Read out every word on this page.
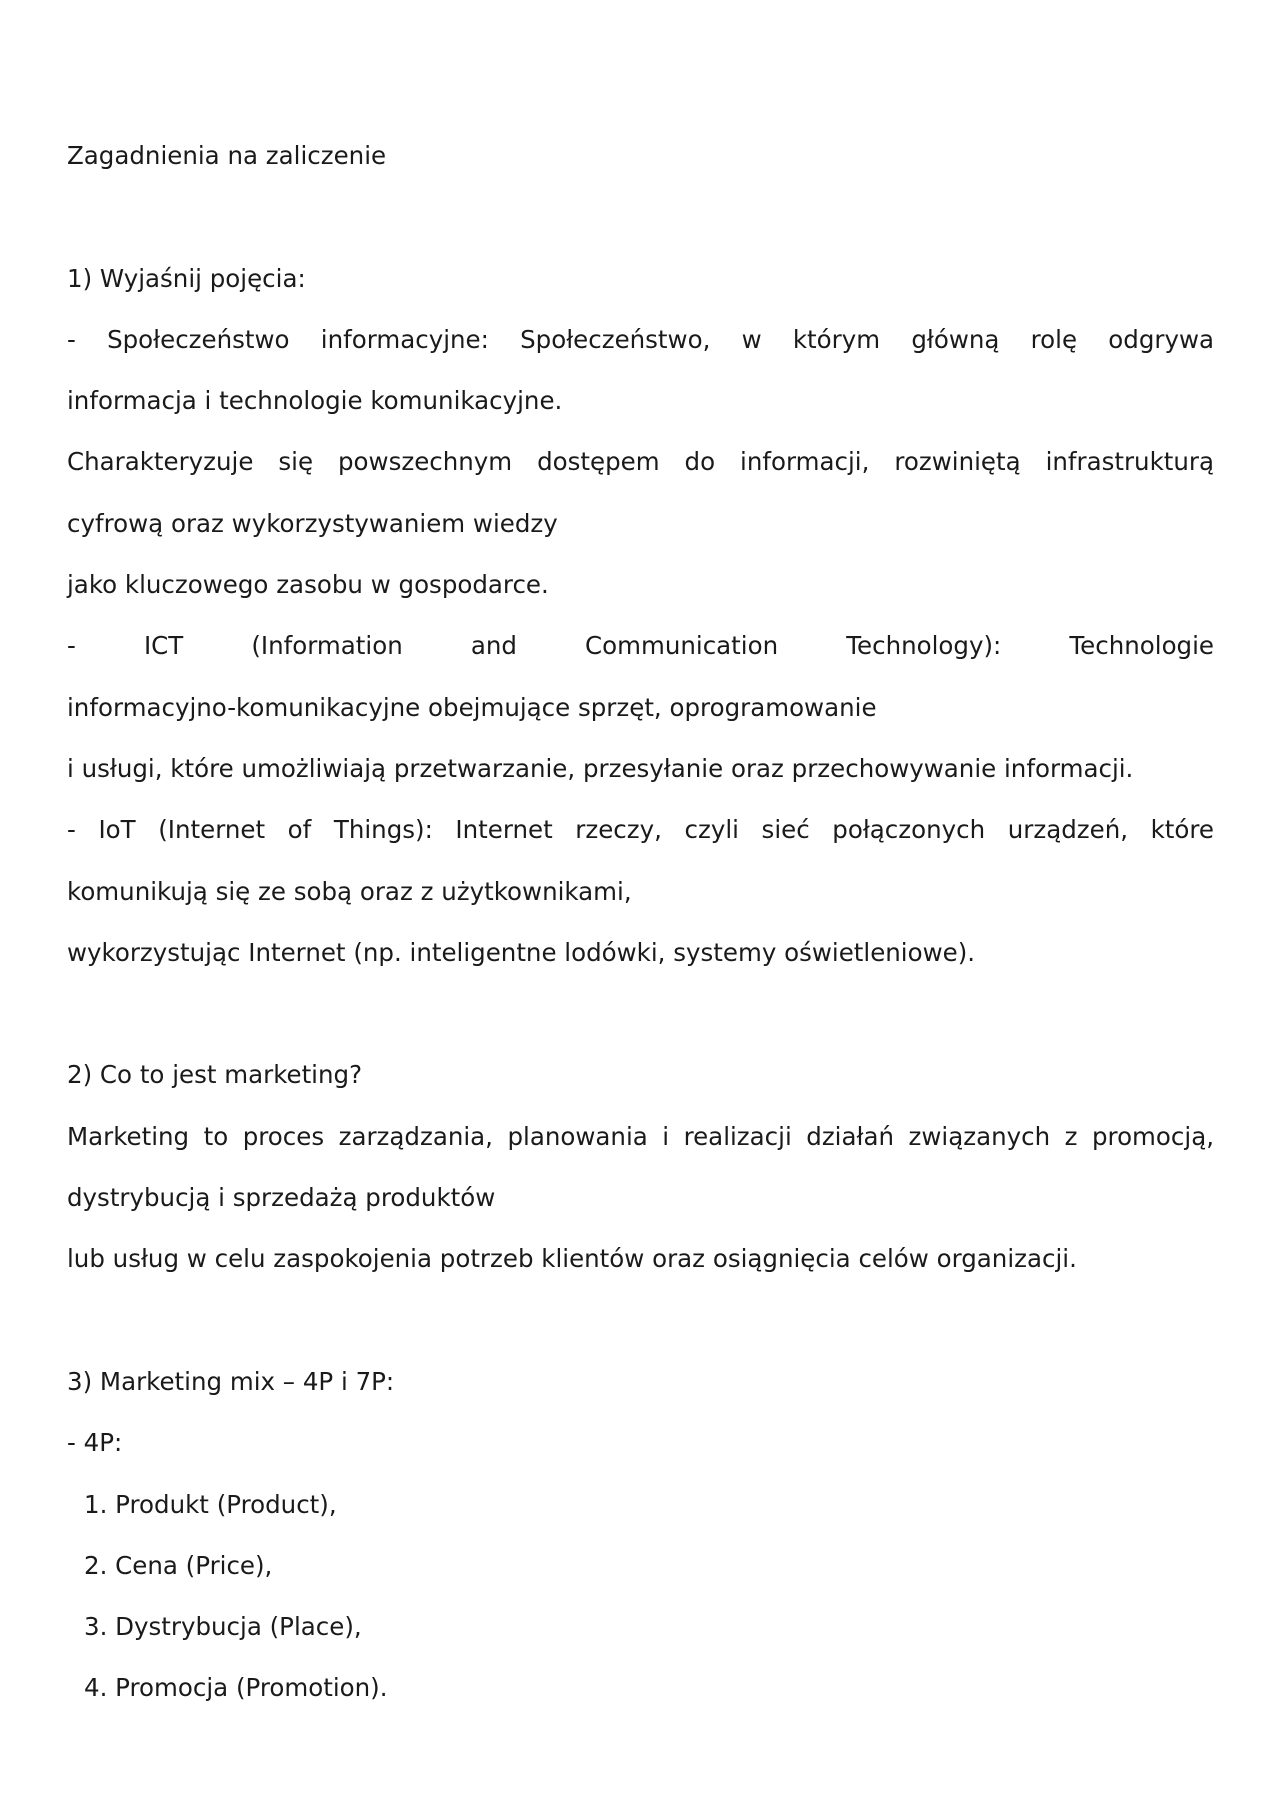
Zagadnienia na zaliczenie
1) Wyjaśnij pojęcia:
- Społeczeństwo informacyjne: Społeczeństwo, w którym główną rolę odgrywa
informacja i technologie komunikacyjne.
Charakteryzuje się powszechnym dostępem do informacji, rozwiniętą infrastrukturą
cyfrową oraz wykorzystywaniem wiedzy
jako kluczowego zasobu w gospodarce.
- ICT (Information and Communication Technology): Technologie
informacyjno-komunikacyjne obejmujące sprzęt, oprogramowanie
i usługi, które umożliwiają przetwarzanie, przesyłanie oraz przechowywanie informacji.
- IoT (Internet of Things): Internet rzeczy, czyli sieć połączonych urządzeń, które
komunikują się ze sobą oraz z użytkownikami,
wykorzystując Internet (np. inteligentne lodówki, systemy oświetleniowe).
2) Co to jest marketing?
Marketing to proces zarządzania, planowania i realizacji działań związanych z promocją,
dystrybucją i sprzedażą produktów
lub usług w celu zaspokojenia potrzeb klientów oraz osiągnięcia celów organizacji.
3) Marketing mix – 4P i 7P:
- 4P:
1. Produkt (Product),
2. Cena (Price),
3. Dystrybucja (Place),
4. Promocja (Promotion).
